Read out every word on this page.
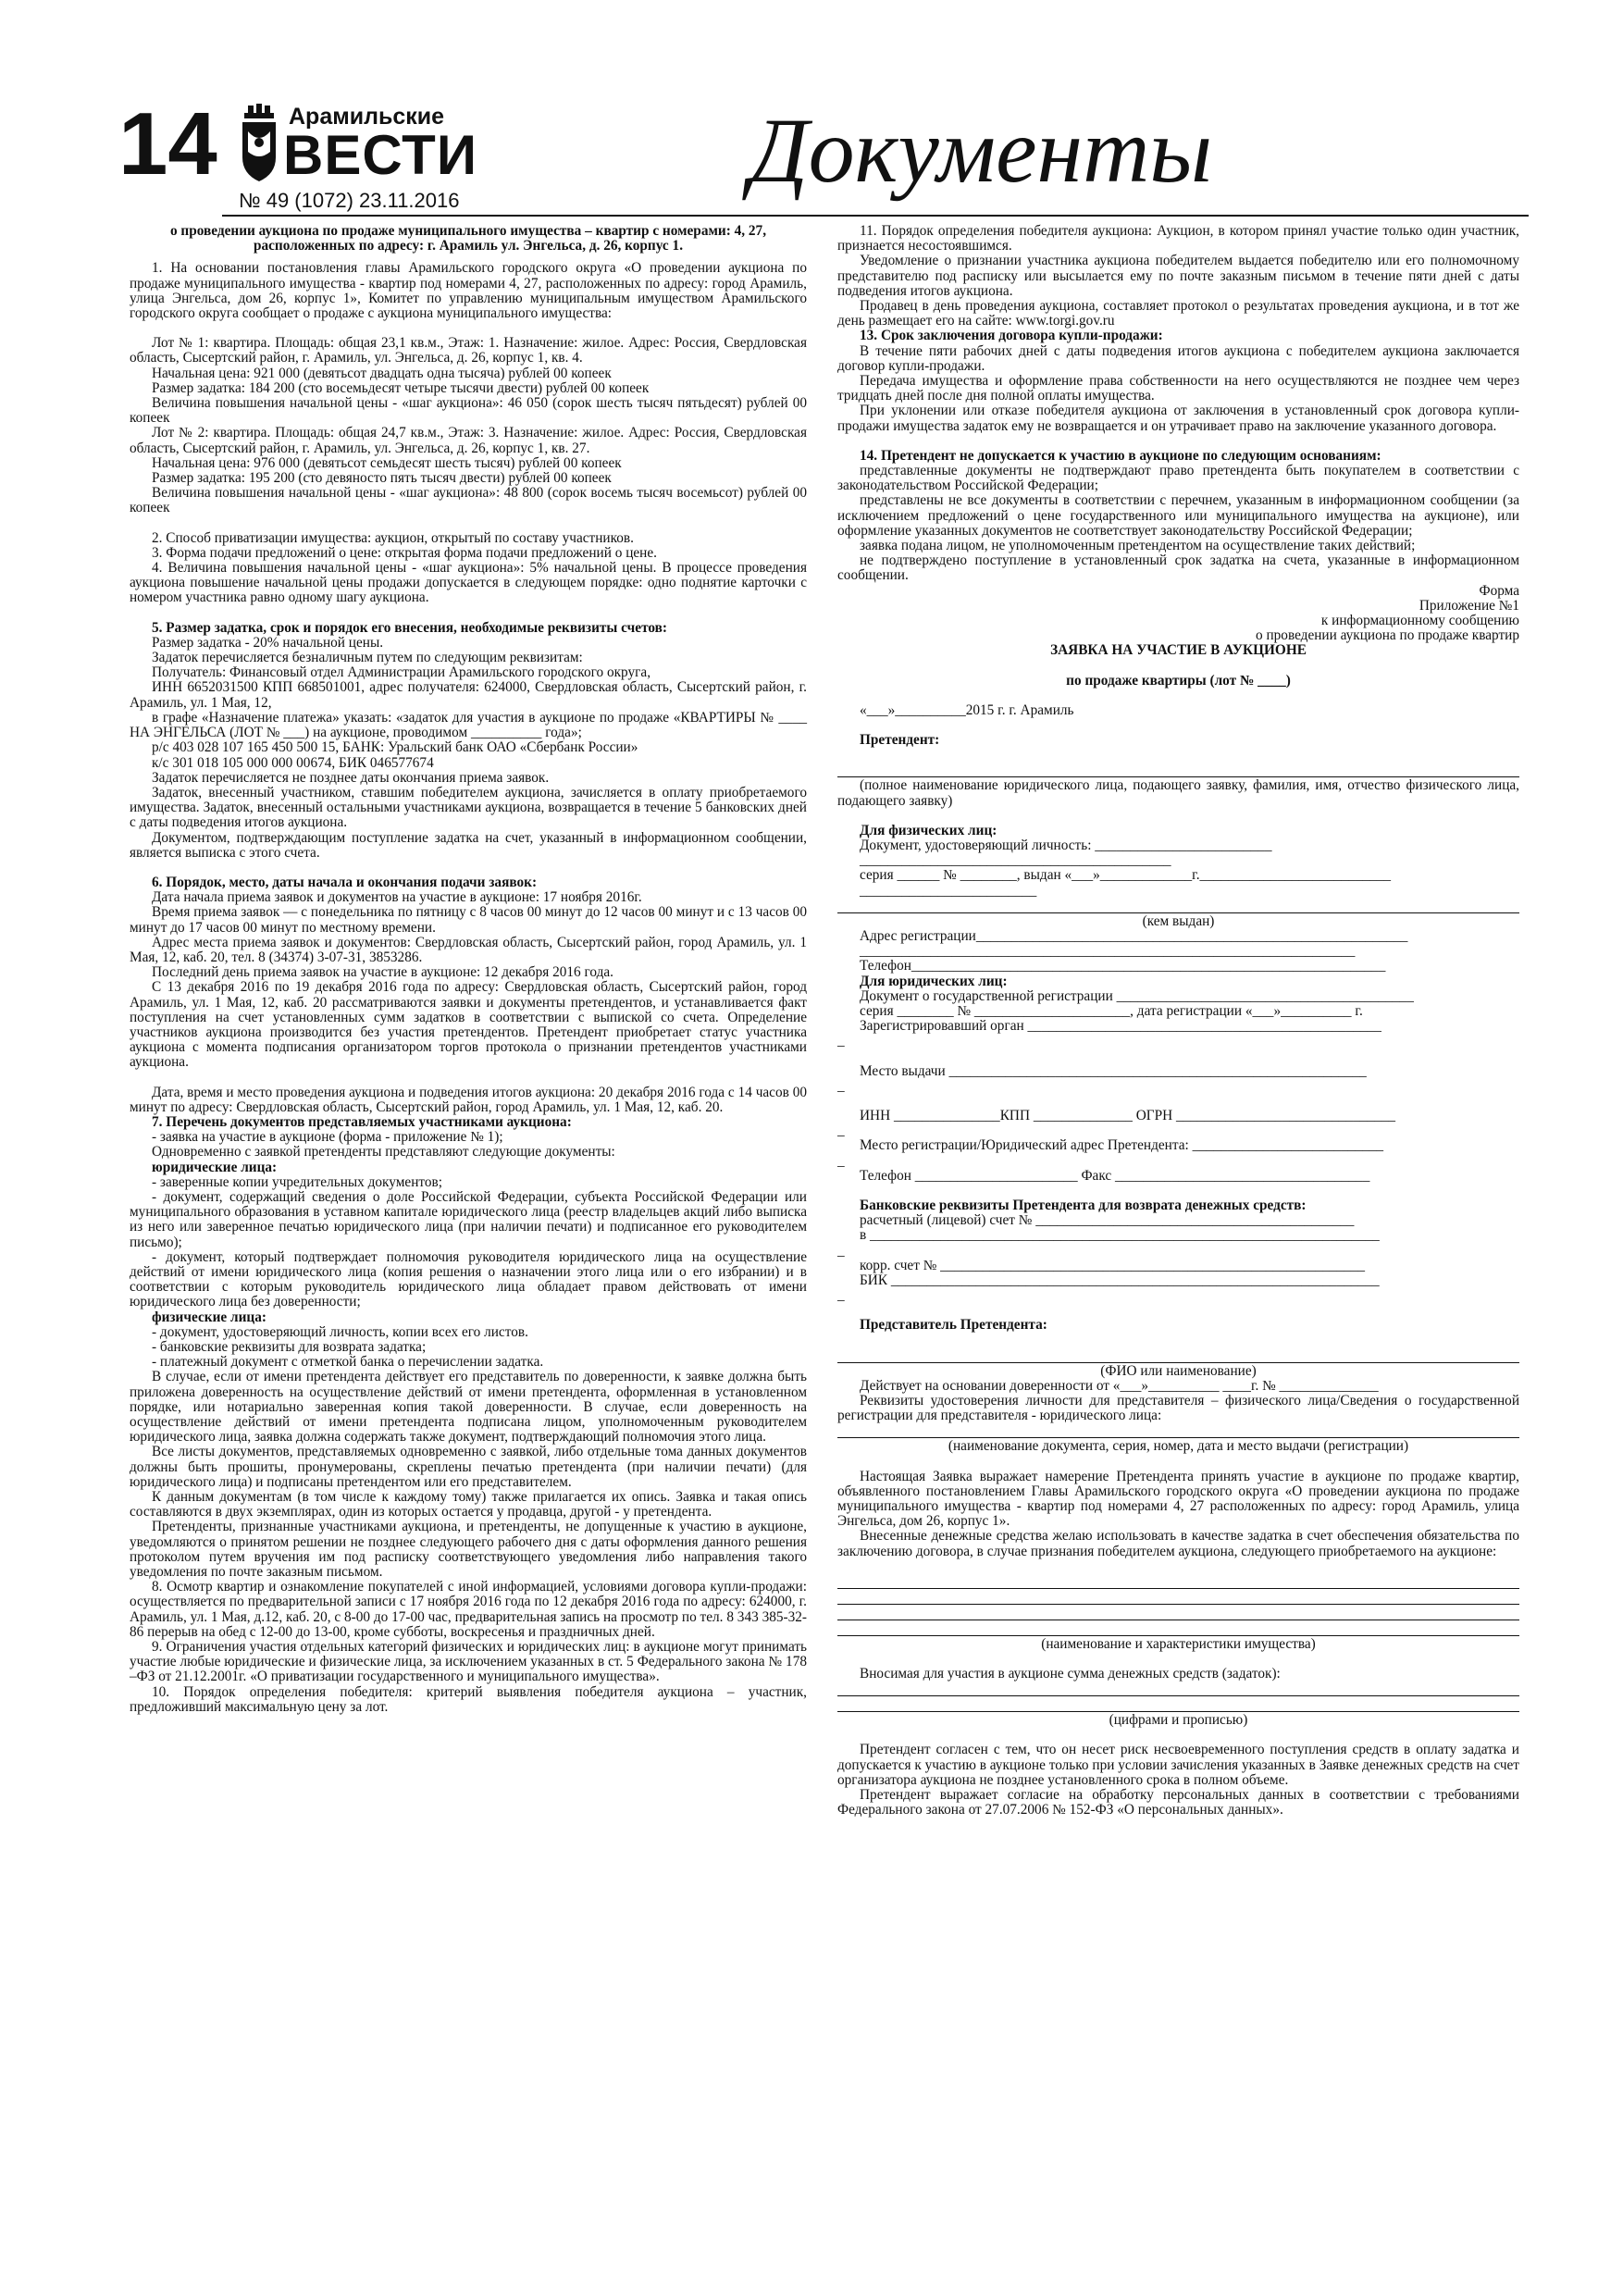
14	Арамильские
ВЕСТИ
№ 49 (1072) 23.11.2016	Документы

о проведении аукциона по продаже муниципального имущества – квартир с номерами: 4, 27, расположенных по адресу: г. Арамиль ул. Энгельса, д. 26, корпус 1.

1. На основании постановления главы Арамильского городского округа «О проведении аукциона по продаже муниципального имущества - квартир под номерами 4, 27, расположенных по адресу: город Арамиль, улица Энгельса, дом 26, корпус 1», Комитет по управлению муниципальным имуществом Арамильского городского округа сообщает о продаже с аукциона муниципального имущества:

Лот № 1: квартира. Площадь: общая 23,1 кв.м., Этаж: 1. Назначение: жилое. Адрес: Россия, Свердловская область, Сысертский район, г. Арамиль, ул. Энгельса, д. 26, корпус 1, кв. 4.

Начальная цена: 921 000 (девятьсот двадцать одна тысяча) рублей 00 копеек

Размер задатка: 184 200 (сто восемьдесят четыре тысячи двести) рублей 00 копеек

Величина повышения начальной цены - «шаг аукциона»: 46 050 (сорок шесть тысяч пятьдесят) рублей 00 копеек

Лот № 2: квартира. Площадь: общая 24,7 кв.м., Этаж: 3. Назначение: жилое. Адрес: Россия, Свердловская область, Сысертский район, г. Арамиль, ул. Энгельса, д. 26, корпус 1, кв. 27.

Начальная цена: 976 000 (девятьсот семьдесят шесть тысяч) рублей 00 копеек

Размер задатка: 195 200 (сто девяносто пять тысяч двести) рублей 00 копеек

Величина повышения начальной цены - «шаг аукциона»: 48 800 (сорок восемь тысяч восемьсот) рублей 00 копеек

2. Способ приватизации имущества: аукцион, открытый по составу участников.

3. Форма подачи предложений о цене: открытая форма подачи предложений о цене.

4. Величина повышения начальной цены - «шаг аукциона»: 5% начальной цены. В процессе проведения аукциона повышение начальной цены продажи допускается в следующем порядке: одно поднятие карточки с номером участника равно одному шагу аукциона.

5. Размер задатка, срок и порядок его внесения, необходимые реквизиты счетов:

Размер задатка - 20% начальной цены.

Задаток перечисляется безналичным путем по следующим реквизитам:

Получатель: Финансовый отдел Администрации Арамильского городского округа,

ИНН 6652031500 КПП 668501001, адрес получателя: 624000, Свердловская область, Сысертский район, г. Арамиль, ул. 1 Мая, 12,

в графе «Назначение платежа» указать: «задаток для участия в аукционе по продаже «КВАРТИРЫ № ____ НА ЭНГЕЛЬСА (ЛОТ № ___) на аукционе, проводимом __________ года»;

р/с 403 028 107 165 450 500 15, БАНК: Уральский банк ОАО «Сбербанк России»

к/с 301 018 105 000 000 00674, БИК 046577674

Задаток перечисляется не позднее даты окончания приема заявок.

Задаток, внесенный участником, ставшим победителем аукциона, зачисляется в оплату приобретаемого имущества. Задаток, внесенный остальными участниками аукциона, возвращается в течение 5 банковских дней с даты подведения итогов аукциона.

Документом, подтверждающим поступление задатка на счет, указанный в информационном сообщении, является выписка с этого счета.

6. Порядок, место, даты начала и окончания подачи заявок:

Дата начала приема заявок и документов на участие в аукционе: 17 ноября 2016г.

Время приема заявок — с понедельника по пятницу с 8 часов 00 минут до 12 часов 00 минут и с 13 часов 00 минут до 17 часов 00 минут по местному времени.

Адрес места приема заявок и документов: Свердловская область, Сысертский район, город Арамиль, ул. 1 Мая, 12, каб. 20, тел. 8 (34374) 3-07-31, 3853286.

Последний день приема заявок на участие в аукционе: 12 декабря 2016 года.

С 13 декабря 2016 по 19 декабря 2016 года по адресу: Свердловская область, Сысертский район, город Арамиль, ул. 1 Мая, 12, каб. 20 рассматриваются заявки и документы претендентов, и устанавливается факт поступления на счет установленных сумм задатков в соответствии с выпиской со счета. Определение участников аукциона производится без участия претендентов. Претендент приобретает статус участника аукциона с момента подписания организатором торгов протокола о признании претендентов участниками аукциона.

Дата, время и место проведения аукциона и подведения итогов аукциона: 20 декабря 2016 года с 14 часов 00 минут по адресу: Свердловская область, Сысертский район, город Арамиль, ул. 1 Мая, 12, каб. 20.

7. Перечень документов представляемых участниками аукциона:

- заявка на участие в аукционе (форма - приложение № 1);

Одновременно с заявкой претенденты представляют следующие документы:

юридические лица:

- заверенные копии учредительных документов;

- документ, содержащий сведения о доле Российской Федерации, субъекта Российской Федерации или муниципального образования в уставном капитале юридического лица (реестр владельцев акций либо выписка из него или заверенное печатью юридического лица (при наличии печати) и подписанное его руководителем письмо);

- документ, который подтверждает полномочия руководителя юридического лица на осуществление действий от имени юридического лица (копия решения о назначении этого лица или о его избрании) и в соответствии с которым руководитель юридического лица обладает правом действовать от имени юридического лица без доверенности;

физические лица:

- документ, удостоверяющий личность, копии всех его листов.

- банковские реквизиты для возврата задатка;

- платежный документ с отметкой банка о перечислении задатка.

В случае, если от имени претендента действует его представитель по доверенности, к заявке должна быть приложена доверенность на осуществление действий от имени претендента, оформленная в установленном порядке, или нотариально заверенная копия такой доверенности. В случае, если доверенность на осуществление действий от имени претендента подписана лицом, уполномоченным руководителем юридического лица, заявка должна содержать также документ, подтверждающий полномочия этого лица.

Все листы документов, представляемых одновременно с заявкой, либо отдельные тома данных документов должны быть прошиты, пронумерованы, скреплены печатью претендента (при наличии печати) (для юридического лица) и подписаны претендентом или его представителем.

К данным документам (в том числе к каждому тому) также прилагается их опись. Заявка и такая опись составляются в двух экземплярах, один из которых остается у продавца, другой - у претендента.

Претенденты, признанные участниками аукциона, и претенденты, не допущенные к участию в аукционе, уведомляются о принятом решении не позднее следующего рабочего дня с даты оформления данного решения протоколом путем вручения им под расписку соответствующего уведомления либо направления такого уведомления по почте заказным письмом.

8. Осмотр квартир и ознакомление покупателей с иной информацией, условиями договора купли-продажи: осуществляется по предварительной записи с 17 ноября 2016 года по 12 декабря 2016 года по адресу: 624000, г. Арамиль, ул. 1 Мая, д.12, каб. 20, с 8-00 до 17-00 час, предварительная запись на просмотр по тел. 8 343 385-32-86 перерыв на обед с 12-00 до 13-00, кроме субботы, воскресенья и праздничных дней.

9. Ограничения участия отдельных категорий физических и юридических лиц: в аукционе могут принимать участие любые юридические и физические лица, за исключением указанных в ст. 5 Федерального закона № 178 –ФЗ от 21.12.2001г. «О приватизации государственного и муниципального имущества».

10. Порядок определения победителя: критерий выявления победителя аукциона – участник, предложивший максимальную цену за лот.

11. Порядок определения победителя аукциона: Аукцион, в котором принял участие только один участник, признается несостоявшимся.

Уведомление о признании участника аукциона победителем выдается победителю или его полномочному представителю под расписку или высылается ему по почте заказным письмом в течение пяти дней с даты подведения итогов аукциона.

Продавец в день проведения аукциона, составляет протокол о результатах проведения аукциона, и в тот же день размещает его на сайте: www.torgi.gov.ru

13. Срок заключения договора купли-продажи:

В течение пяти рабочих дней с даты подведения итогов аукциона с победителем аукциона заключается договор купли-продажи.

Передача имущества и оформление права собственности на него осуществляются не позднее чем через тридцать дней после дня полной оплаты имущества.

При уклонении или отказе победителя аукциона от заключения в установленный срок договора купли-продажи имущества задаток ему не возвращается и он утрачивает право на заключение указанного договора.

14. Претендент не допускается к участию в аукционе по следующим основаниям:

представленные документы не подтверждают право претендента быть покупателем в соответствии с законодательством Российской Федерации;

представлены не все документы в соответствии с перечнем, указанным в информационном сообщении (за исключением предложений о цене государственного или муниципального имущества на аукционе), или оформление указанных документов не соответствует законодательству Российской Федерации;

заявка подана лицом, не уполномоченным претендентом на осуществление таких действий;

не подтверждено поступление в установленный срок задатка на счета, указанные в информационном сообщении.

Форма

Приложение №1

к информационному сообщению

о проведении аукциона по продаже квартир

ЗАЯВКА НА УЧАСТИЕ В АУКЦИОНЕ

по продаже квартиры (лот № ____)

«___»__________2015 г. г. Арамиль

Претендент:

(полное наименование юридического лица, подающего заявку, фамилия, имя, отчество физического лица, подающего заявку)

Для физических лиц:

Документ, удостоверяющий личность: _________________________

____________________________________________

серия ______ № ________, выдан «___»_____________г.___________________________

_________________________

(кем выдан)

Адрес регистрации_____________________________________________________________

______________________________________________________________________

Телефон___________________________________________________________________

Для юридических лиц:

Документ о государственной регистрации __________________________________________

серия ________ № ______________________, дата регистрации «___»__________ г.

Зарегистрировавший орган __________________________________________________

_

Место выдачи ___________________________________________________________

_

ИНН _______________КПП ______________ ОГРН _______________________________

_

Место регистрации/Юридический адрес Претендента: ___________________________

_

Телефон _______________________ Факс ____________________________________

Банковские реквизиты Претендента для возврата денежных средств:

расчетный (лицевой) счет № _____________________________________________

в ________________________________________________________________________

_

корр. счет № ____________________________________________________________

БИК _____________________________________________________________________

_

Представитель Претендента:

(ФИО или наименование)

Действует на основании доверенности от «___»__________ ____г. № ______________

Реквизиты удостоверения личности для представителя – физического лица/Сведения о государственной регистрации для представителя - юридического лица:

(наименование документа, серия, номер, дата и место выдачи (регистрации)

Настоящая Заявка выражает намерение Претендента принять участие в аукционе по продаже квартир, объявленного постановлением Главы Арамильского городского округа «О проведении аукциона по продаже муниципального имущества - квартир под номерами 4, 27 расположенных по адресу: город Арамиль, улица Энгельса, дом 26, корпус 1».

Внесенные денежные средства желаю использовать в качестве задатка в счет обеспечения обязательства по заключению договора, в случае признания победителем аукциона, следующего приобретаемого на аукционе:

(наименование и характеристики имущества)

Вносимая для участия в аукционе сумма денежных средств (задаток):

(цифрами и прописью)

Претендент согласен с тем, что он несет риск несвоевременного поступления средств в оплату задатка и допускается к участию в аукционе только при условии зачисления указанных в Заявке денежных средств на счет организатора аукциона не позднее установленного срока в полном объеме.

Претендент выражает согласие на обработку персональных данных в соответствии с требованиями Федерального закона от 27.07.2006 № 152-ФЗ «О персональных данных».
